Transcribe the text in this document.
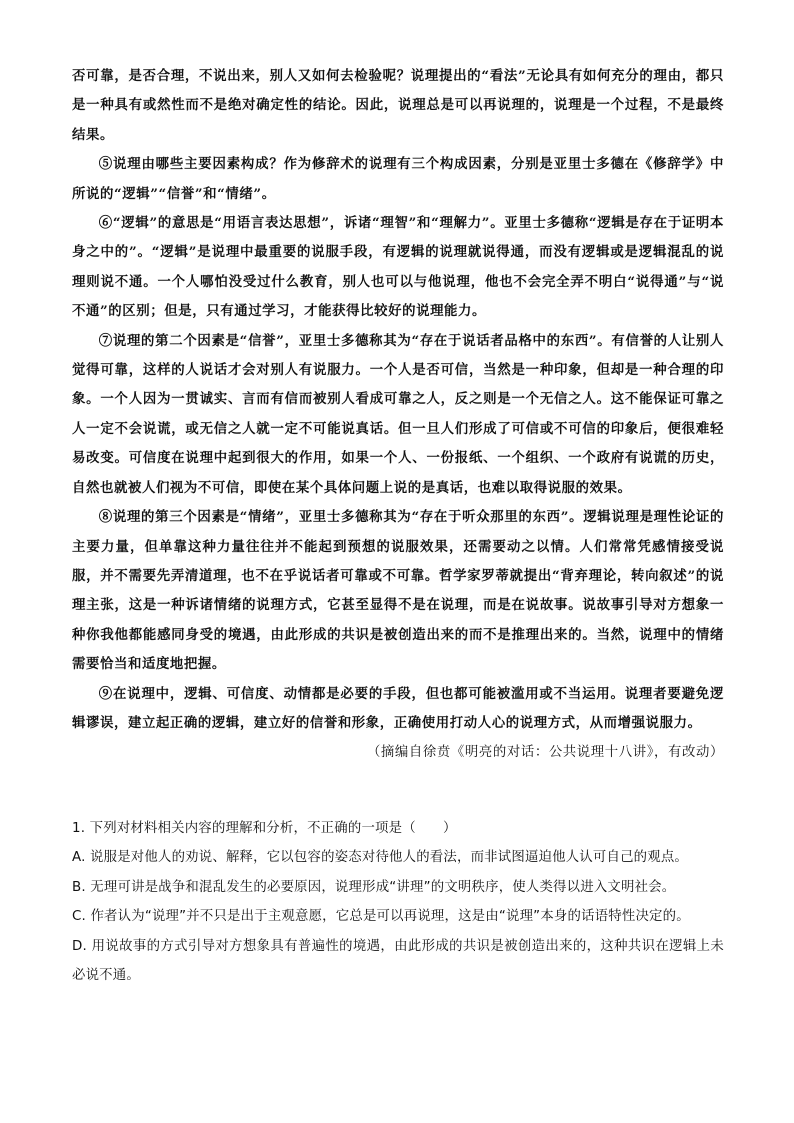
否可靠，是否合理，不说出来，别人又如何去检验呢？说理提出的“看法”无论具有如何充分的理由，都只是一种具有或然性而不是绝对确定性的结论。因此，说理总是可以再说理的，说理是一个过程，不是最终结果。

⑤说理由哪些主要因素构成？作为修辞术的说理有三个构成因素，分别是亚里士多德在《修辞学》中所说的“逻辑”“信誉”和“情绪”。

⑥“逻辑”的意思是“用语言表达思想”，诉诸“理智”和“理解力”。亚里士多德称“逻辑是存在于证明本身之中的”。“逻辑”是说理中最重要的说服手段，有逻辑的说理就说得通，而没有逻辑或是逻辑混乱的说理则说不通。一个人哪怕没受过什么教育，别人也可以与他说理，他也不会完全弄不明白“说得通”与“说不通”的区别；但是，只有通过学习，才能获得比较好的说理能力。

⑦说理的第二个因素是“信誉”，亚里士多德称其为“存在于说话者品格中的东西”。有信誉的人让别人觉得可靠，这样的人说话才会对别人有说服力。一个人是否可信，当然是一种印象，但却是一种合理的印象。一个人因为一贯诚实、言而有信而被别人看成可靠之人，反之则是一个无信之人。这不能保证可靠之人一定不会说谎，或无信之人就一定不可能说真话。但一旦人们形成了可信或不可信的印象后，便很难轻易改变。可信度在说理中起到很大的作用，如果一个人、一份报纸、一个组织、一个政府有说谎的历史，自然也就被人们视为不可信，即使在某个具体问题上说的是真话，也难以取得说服的效果。

⑧说理的第三个因素是“情绪”，亚里士多德称其为“存在于听众那里的东西”。逻辑说理是理性论证的主要力量，但单靠这种力量往往并不能起到预想的说服效果，还需要动之以情。人们常常凭感情接受说服，并不需要先弄清道理，也不在乎说话者可靠或不可靠。哲学家罗蒂就提出“背弃理论，转向叙述”的说理主张，这是一种诉诸情绪的说理方式，它甚至显得不是在说理，而是在说故事。说故事引导对方想象一种你我他都能感同身受的境遇，由此形成的共识是被创造出来的而不是推理出来的。当然，说理中的情绪需要恰当和适度地把握。

⑨在说理中，逻辑、可信度、动情都是必要的手段，但也都可能被滥用或不当运用。说理者要避免逻辑谬误，建立起正确的逻辑，建立好的信誉和形象，正确使用打动人心的说理方式，从而增强说服力。

（摘编自徐贲《明亮的对话：公共说理十八讲》，有改动）

1. 下列对材料相关内容的理解和分析，不正确的一项是（　　）

A. 说服是对他人的劝说、解释，它以包容的姿态对待他人的看法，而非试图逼迫他人认可自己的观点。

B. 无理可讲是战争和混乱发生的必要原因，说理形成“讲理”的文明秩序，使人类得以进入文明社会。

C. 作者认为“说理”并不只是出于主观意愿，它总是可以再说理，这是由“说理”本身的话语特性决定的。

D. 用说故事的方式引导对方想象具有普遍性的境遇，由此形成的共识是被创造出来的，这种共识在逻辑上未必说不通。
